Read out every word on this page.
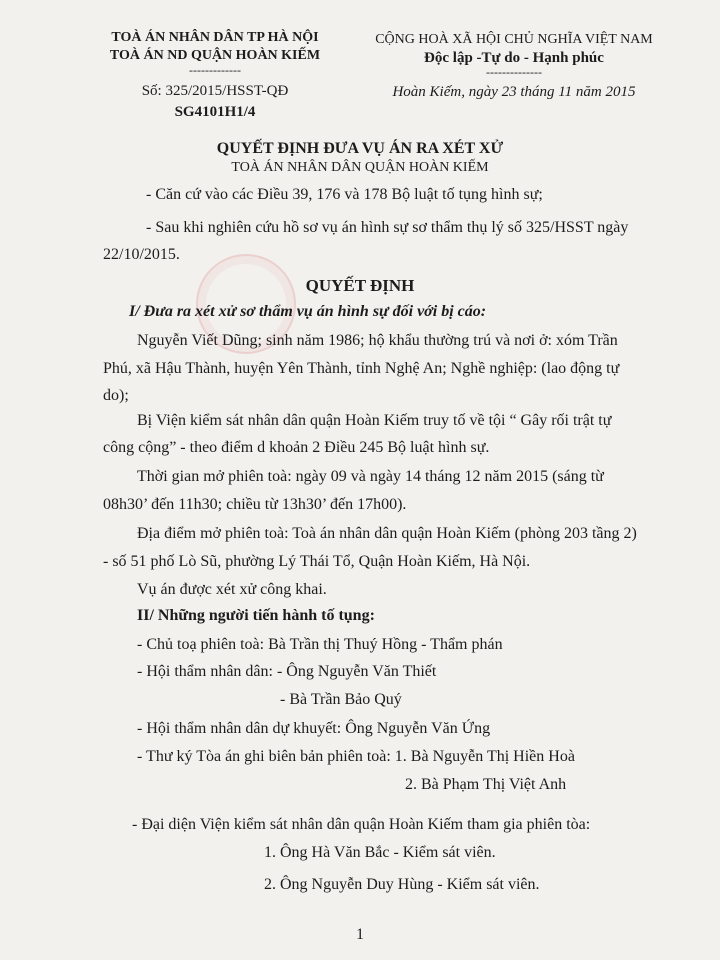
TOÀ ÁN NHÂN DÂN TP HÀ NỘI
TOÀ ÁN ND QUẬN HOÀN KIẾM
-------------
Số: 325/2015/HSST-QĐ
SG4101H1/4
CỘNG HOÀ XÃ HỘI CHỦ NGHĨA VIỆT NAM
Độc lập -Tự do - Hạnh phúc
--------------
Hoàn Kiếm, ngày 23 tháng 11 năm 2015
QUYẾT ĐỊNH ĐƯA VỤ ÁN RA XÉT XỬ
TOÀ ÁN NHÂN DÂN QUẬN HOÀN KIẾM
- Căn cứ vào các Điều 39, 176 và 178 Bộ luật tố tụng hình sự;
- Sau khi nghiên cứu hồ sơ vụ án hình sự sơ thẩm thụ lý số 325/HSST ngày
22/10/2015.
QUYẾT ĐỊNH
I/ Đưa ra xét xử sơ thẩm vụ án hình sự đối với bị cáo:
Nguyễn Viết Dũng; sinh năm 1986; hộ khẩu thường trú và nơi ở: xóm Trần
Phú, xã Hậu Thành, huyện Yên Thành, tỉnh Nghệ An; Nghề nghiệp: (lao động tự
do);
Bị Viện kiểm sát nhân dân quận Hoàn Kiếm truy tố về tội “ Gây rối trật tự
công cộng” - theo điểm d khoản 2 Điều 245 Bộ luật hình sự.
Thời gian mở phiên toà: ngày 09 và ngày 14 tháng 12 năm 2015 (sáng từ
08h30’ đến 11h30; chiều từ 13h30’ đến 17h00).
Địa điểm mở phiên toà: Toà án nhân dân quận Hoàn Kiếm (phòng 203 tầng 2)
- số 51 phố Lò Sũ, phường Lý Thái Tổ, Quận Hoàn Kiếm, Hà Nội.
Vụ án được xét xử công khai.
II/ Những người tiến hành tố tụng:
- Chủ toạ phiên toà: Bà Trần thị Thuý Hồng - Thẩm phán
- Hội thẩm nhân dân: - Ông Nguyễn Văn Thiết
- Bà Trần Bảo Quý
- Hội thẩm nhân dân dự khuyết: Ông Nguyễn Văn Ứng
- Thư ký Tòa án ghi biên bản phiên toà: 1. Bà Nguyễn Thị Hiền Hoà
2. Bà Phạm Thị Việt Anh
- Đại diện Viện kiểm sát nhân dân quận Hoàn Kiếm tham gia phiên tòa:
1. Ông Hà Văn Bắc - Kiểm sát viên.
2. Ông Nguyễn Duy Hùng - Kiểm sát viên.
1
